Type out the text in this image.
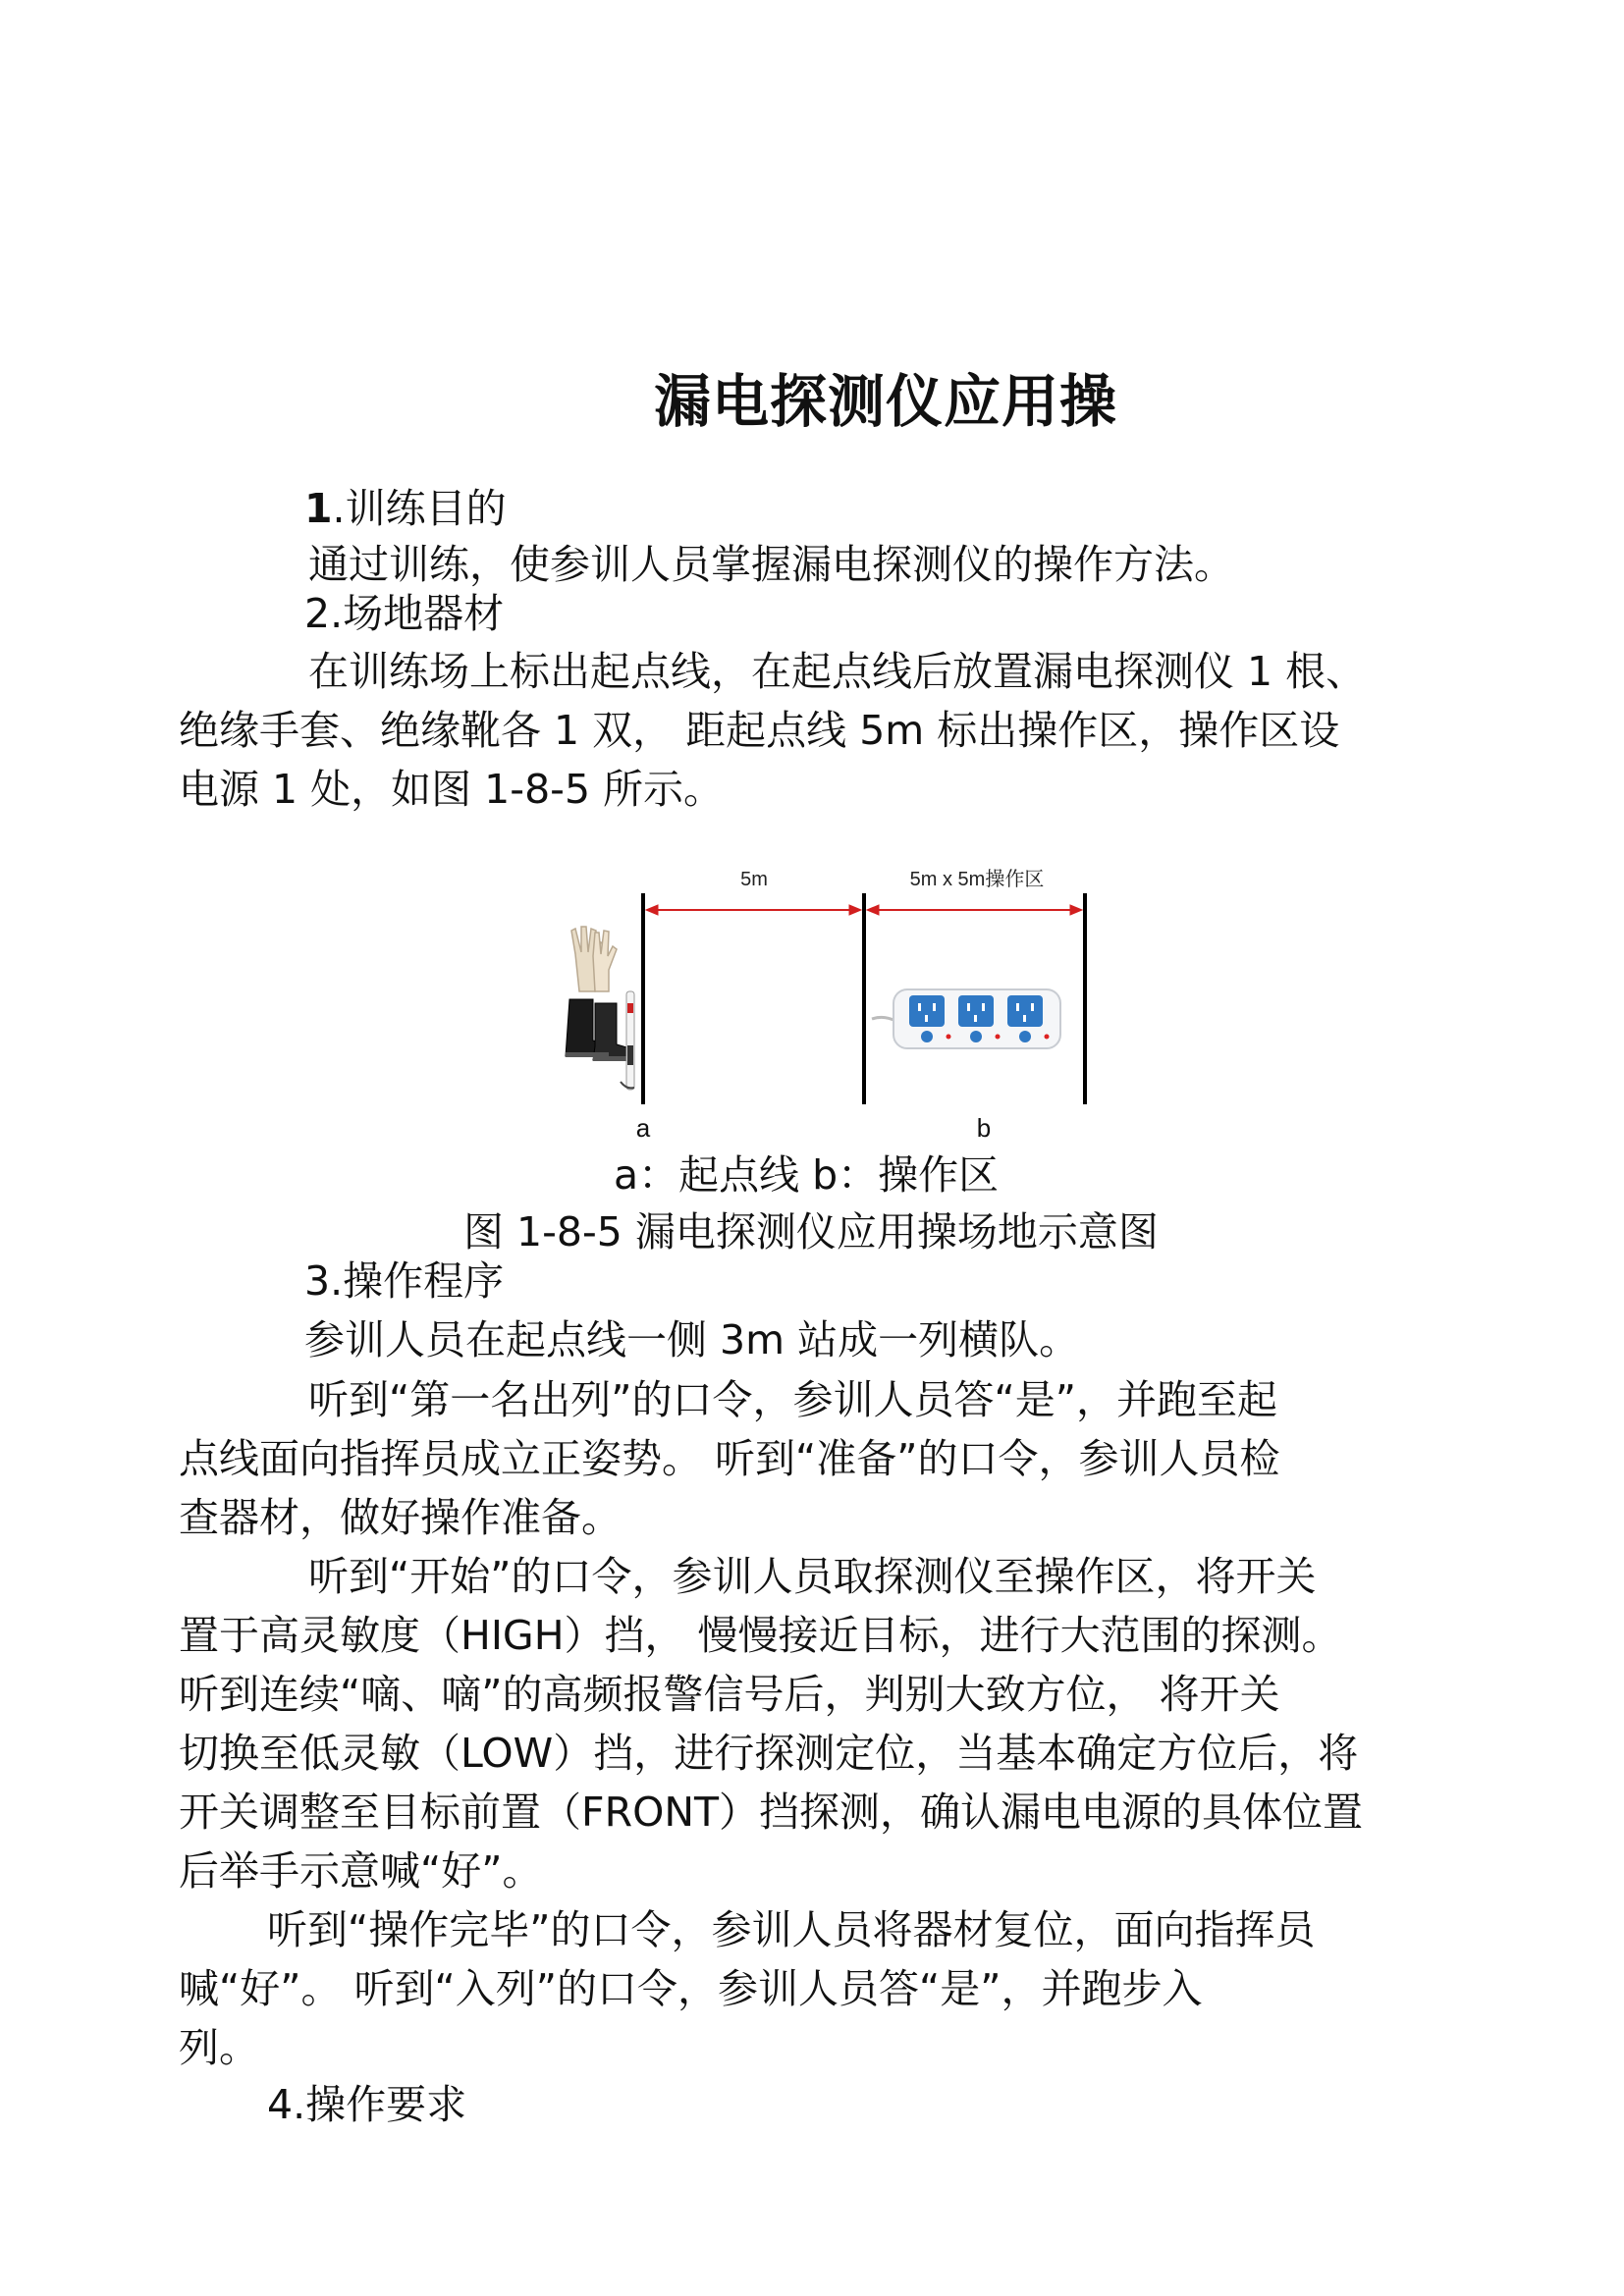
漏电探测仪应用操
1.训练目的
通过训练，使参训人员掌握漏电探测仪的操作方法。
2.场地器材
在训练场上标出起点线，在起点线后放置漏电探测仪 1 根、
绝缘手套、绝缘靴各 1 双， 距起点线 5m 标出操作区，操作区设
电源 1 处，如图 1-8-5 所示。
5m	5m x 5m操作区
a	b
a：起点线 b：操作区
图 1-8-5 漏电探测仪应用操场地示意图
3.操作程序
参训人员在起点线一侧 3m 站成一列横队。
听到“第一名出列”的口令，参训人员答“是”，并跑至起
点线面向指挥员成立正姿势。 听到“准备”的口令，参训人员检
查器材，做好操作准备。
听到“开始”的口令，参训人员取探测仪至操作区，将开关
置于高灵敏度（HIGH）挡， 慢慢接近目标，进行大范围的探测。
听到连续“嘀、嘀”的高频报警信号后，判别大致方位， 将开关
切换至低灵敏（LOW）挡，进行探测定位，当基本确定方位后，将
开关调整至目标前置（FRONT）挡探测，确认漏电电源的具体位置
后举手示意喊“好”。
听到“操作完毕”的口令，参训人员将器材复位，面向指挥员
喊“好”。 听到“入列”的口令，参训人员答“是”，并跑步入
列。
4.操作要求
